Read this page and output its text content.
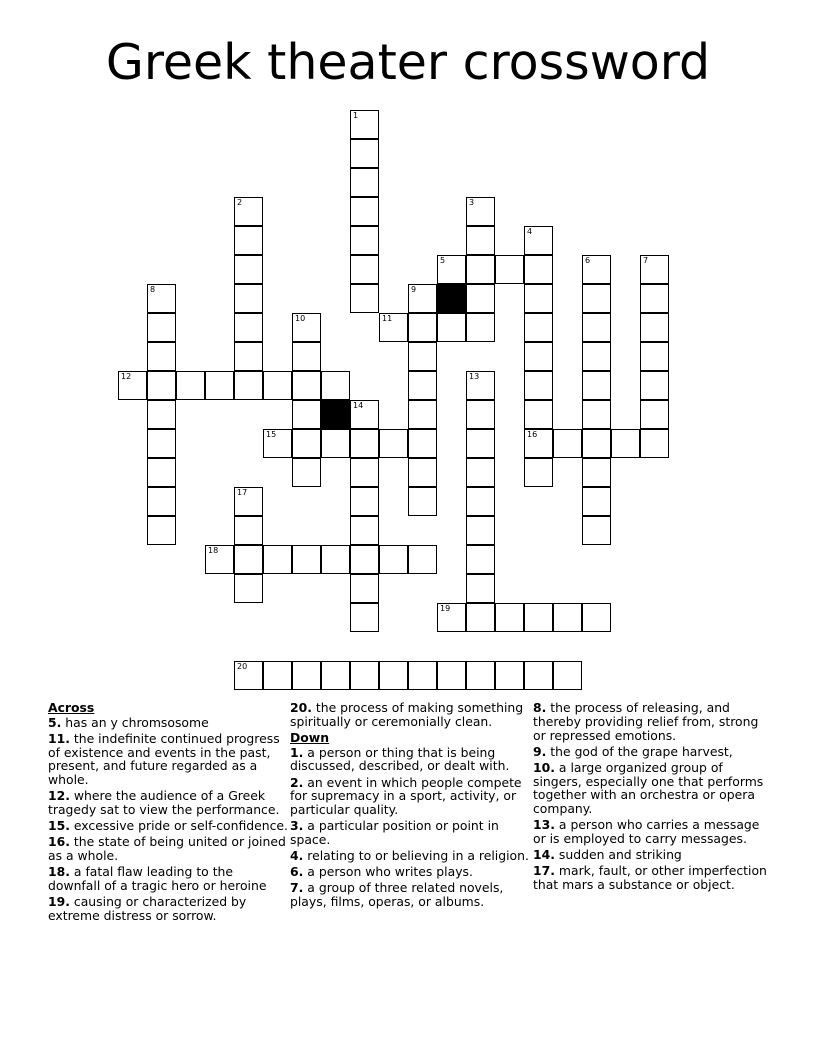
Greek theater crossword
5
11
12
15	16
18
19
20
1
2	3
4
6	7
8	9
10
13
14
17
Across
5. has an y chromsosome
11. the indefinite continued progress of existence and events in the past, present, and future regarded as a whole.
12. where the audience of a Greek tragedy sat to view the performance.
15. excessive pride or self-confidence.
16. the state of being united or joined as a whole.
18. a fatal flaw leading to the downfall of a tragic hero or heroine
19. causing or characterized by extreme distress or sorrow.
20. the process of making something spiritually or ceremonially clean.
Down
1. a person or thing that is being discussed, described, or dealt with.
2. an event in which people compete for supremacy in a sport, activity, or particular quality.
3. a particular position or point in space.
4. relating to or believing in a religion.
6. a person who writes plays.
7. a group of three related novels, plays, films, operas, or albums.
8. the process of releasing, and thereby providing relief from, strong or repressed emotions.
9. the god of the grape harvest,
10. a large organized group of singers, especially one that performs together with an orchestra or opera company.
13. a person who carries a message or is employed to carry messages.
14. sudden and striking
17. mark, fault, or other imperfection that mars a substance or object.
